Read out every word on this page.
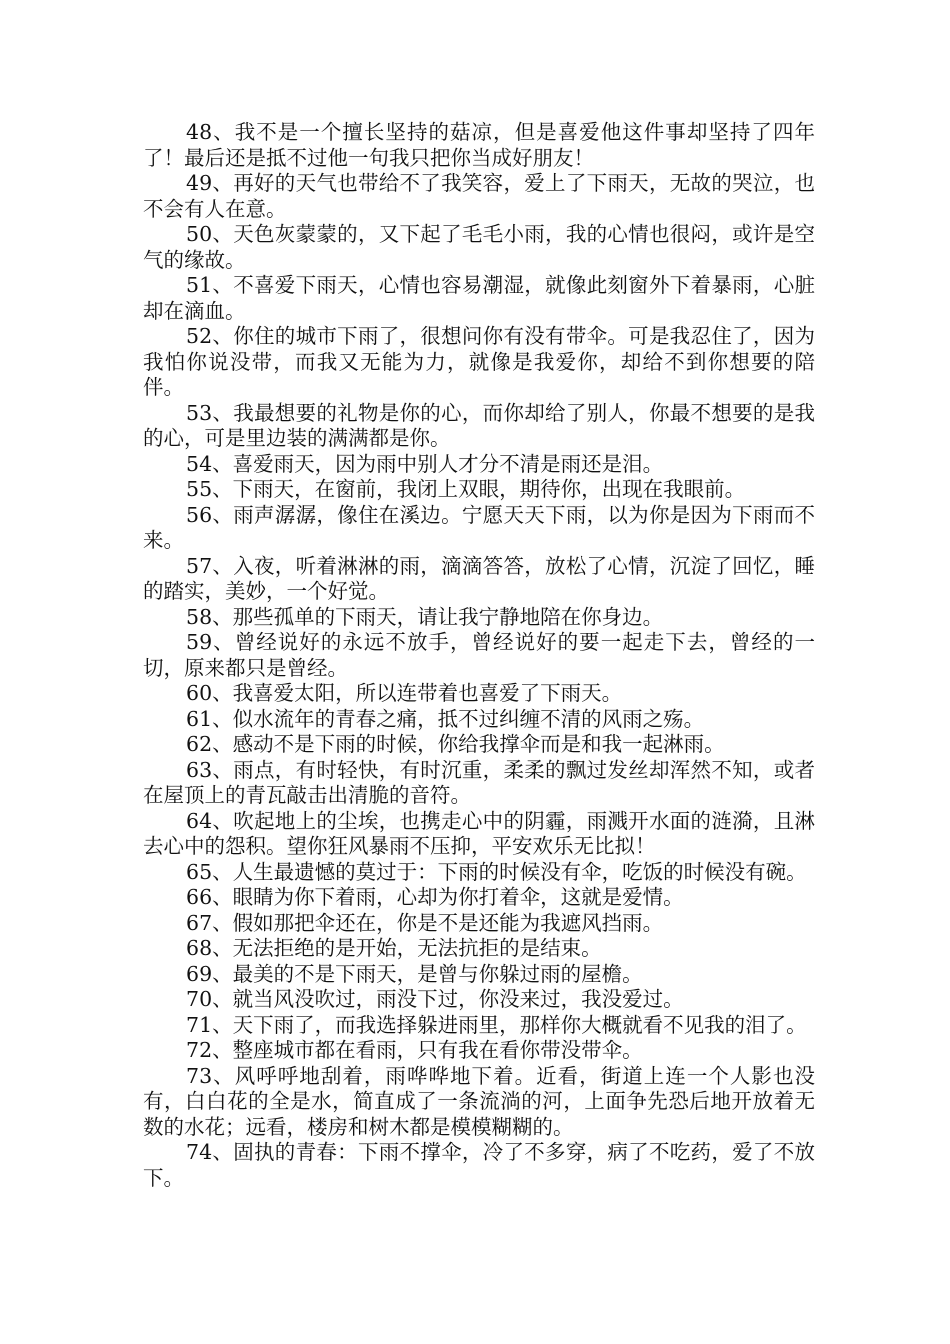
48、我不是一个擅长坚持的菇凉，但是喜爱他这件事却坚持了四年了！最后还是抵不过他一句我只把你当成好朋友！

49、再好的天气也带给不了我笑容，爱上了下雨天，无故的哭泣，也不会有人在意。

50、天色灰蒙蒙的，又下起了毛毛小雨，我的心情也很闷，或许是空气的缘故。

51、不喜爱下雨天，心情也容易潮湿，就像此刻窗外下着暴雨，心脏却在滴血。

52、你住的城市下雨了，很想问你有没有带伞。可是我忍住了，因为我怕你说没带，而我又无能为力，就像是我爱你，却给不到你想要的陪伴。

53、我最想要的礼物是你的心，而你却给了别人，你最不想要的是我的心，可是里边装的满满都是你。

54、喜爱雨天，因为雨中别人才分不清是雨还是泪。

55、下雨天，在窗前，我闭上双眼，期待你，出现在我眼前。

56、雨声潺潺，像住在溪边。宁愿天天下雨，以为你是因为下雨而不来。

57、入夜，听着淋淋的雨，滴滴答答，放松了心情，沉淀了回忆，睡的踏实，美妙，一个好觉。

58、那些孤单的下雨天，请让我宁静地陪在你身边。

59、曾经说好的永远不放手，曾经说好的要一起走下去，曾经的一切，原来都只是曾经。

60、我喜爱太阳，所以连带着也喜爱了下雨天。

61、似水流年的青春之痛，抵不过纠缠不清的风雨之殇。

62、感动不是下雨的时候，你给我撑伞而是和我一起淋雨。

63、雨点，有时轻快，有时沉重，柔柔的飘过发丝却浑然不知，或者在屋顶上的青瓦敲击出清脆的音符。

64、吹起地上的尘埃，也携走心中的阴霾，雨溅开水面的涟漪，且淋去心中的怨积。望你狂风暴雨不压抑，平安欢乐无比拟！

65、人生最遗憾的莫过于：下雨的时候没有伞，吃饭的时候没有碗。

66、眼睛为你下着雨，心却为你打着伞，这就是爱情。

67、假如那把伞还在，你是不是还能为我遮风挡雨。

68、无法拒绝的是开始，无法抗拒的是结束。

69、最美的不是下雨天，是曾与你躲过雨的屋檐。

70、就当风没吹过，雨没下过，你没来过，我没爱过。

71、天下雨了，而我选择躲进雨里，那样你大概就看不见我的泪了。

72、整座城市都在看雨，只有我在看你带没带伞。

73、风呼呼地刮着，雨哗哗地下着。近看，街道上连一个人影也没有，白白花的全是水，简直成了一条流淌的河，上面争先恐后地开放着无数的水花；远看，楼房和树木都是模模糊糊的。

74、固执的青春：下雨不撑伞，冷了不多穿，病了不吃药，爱了不放下。
